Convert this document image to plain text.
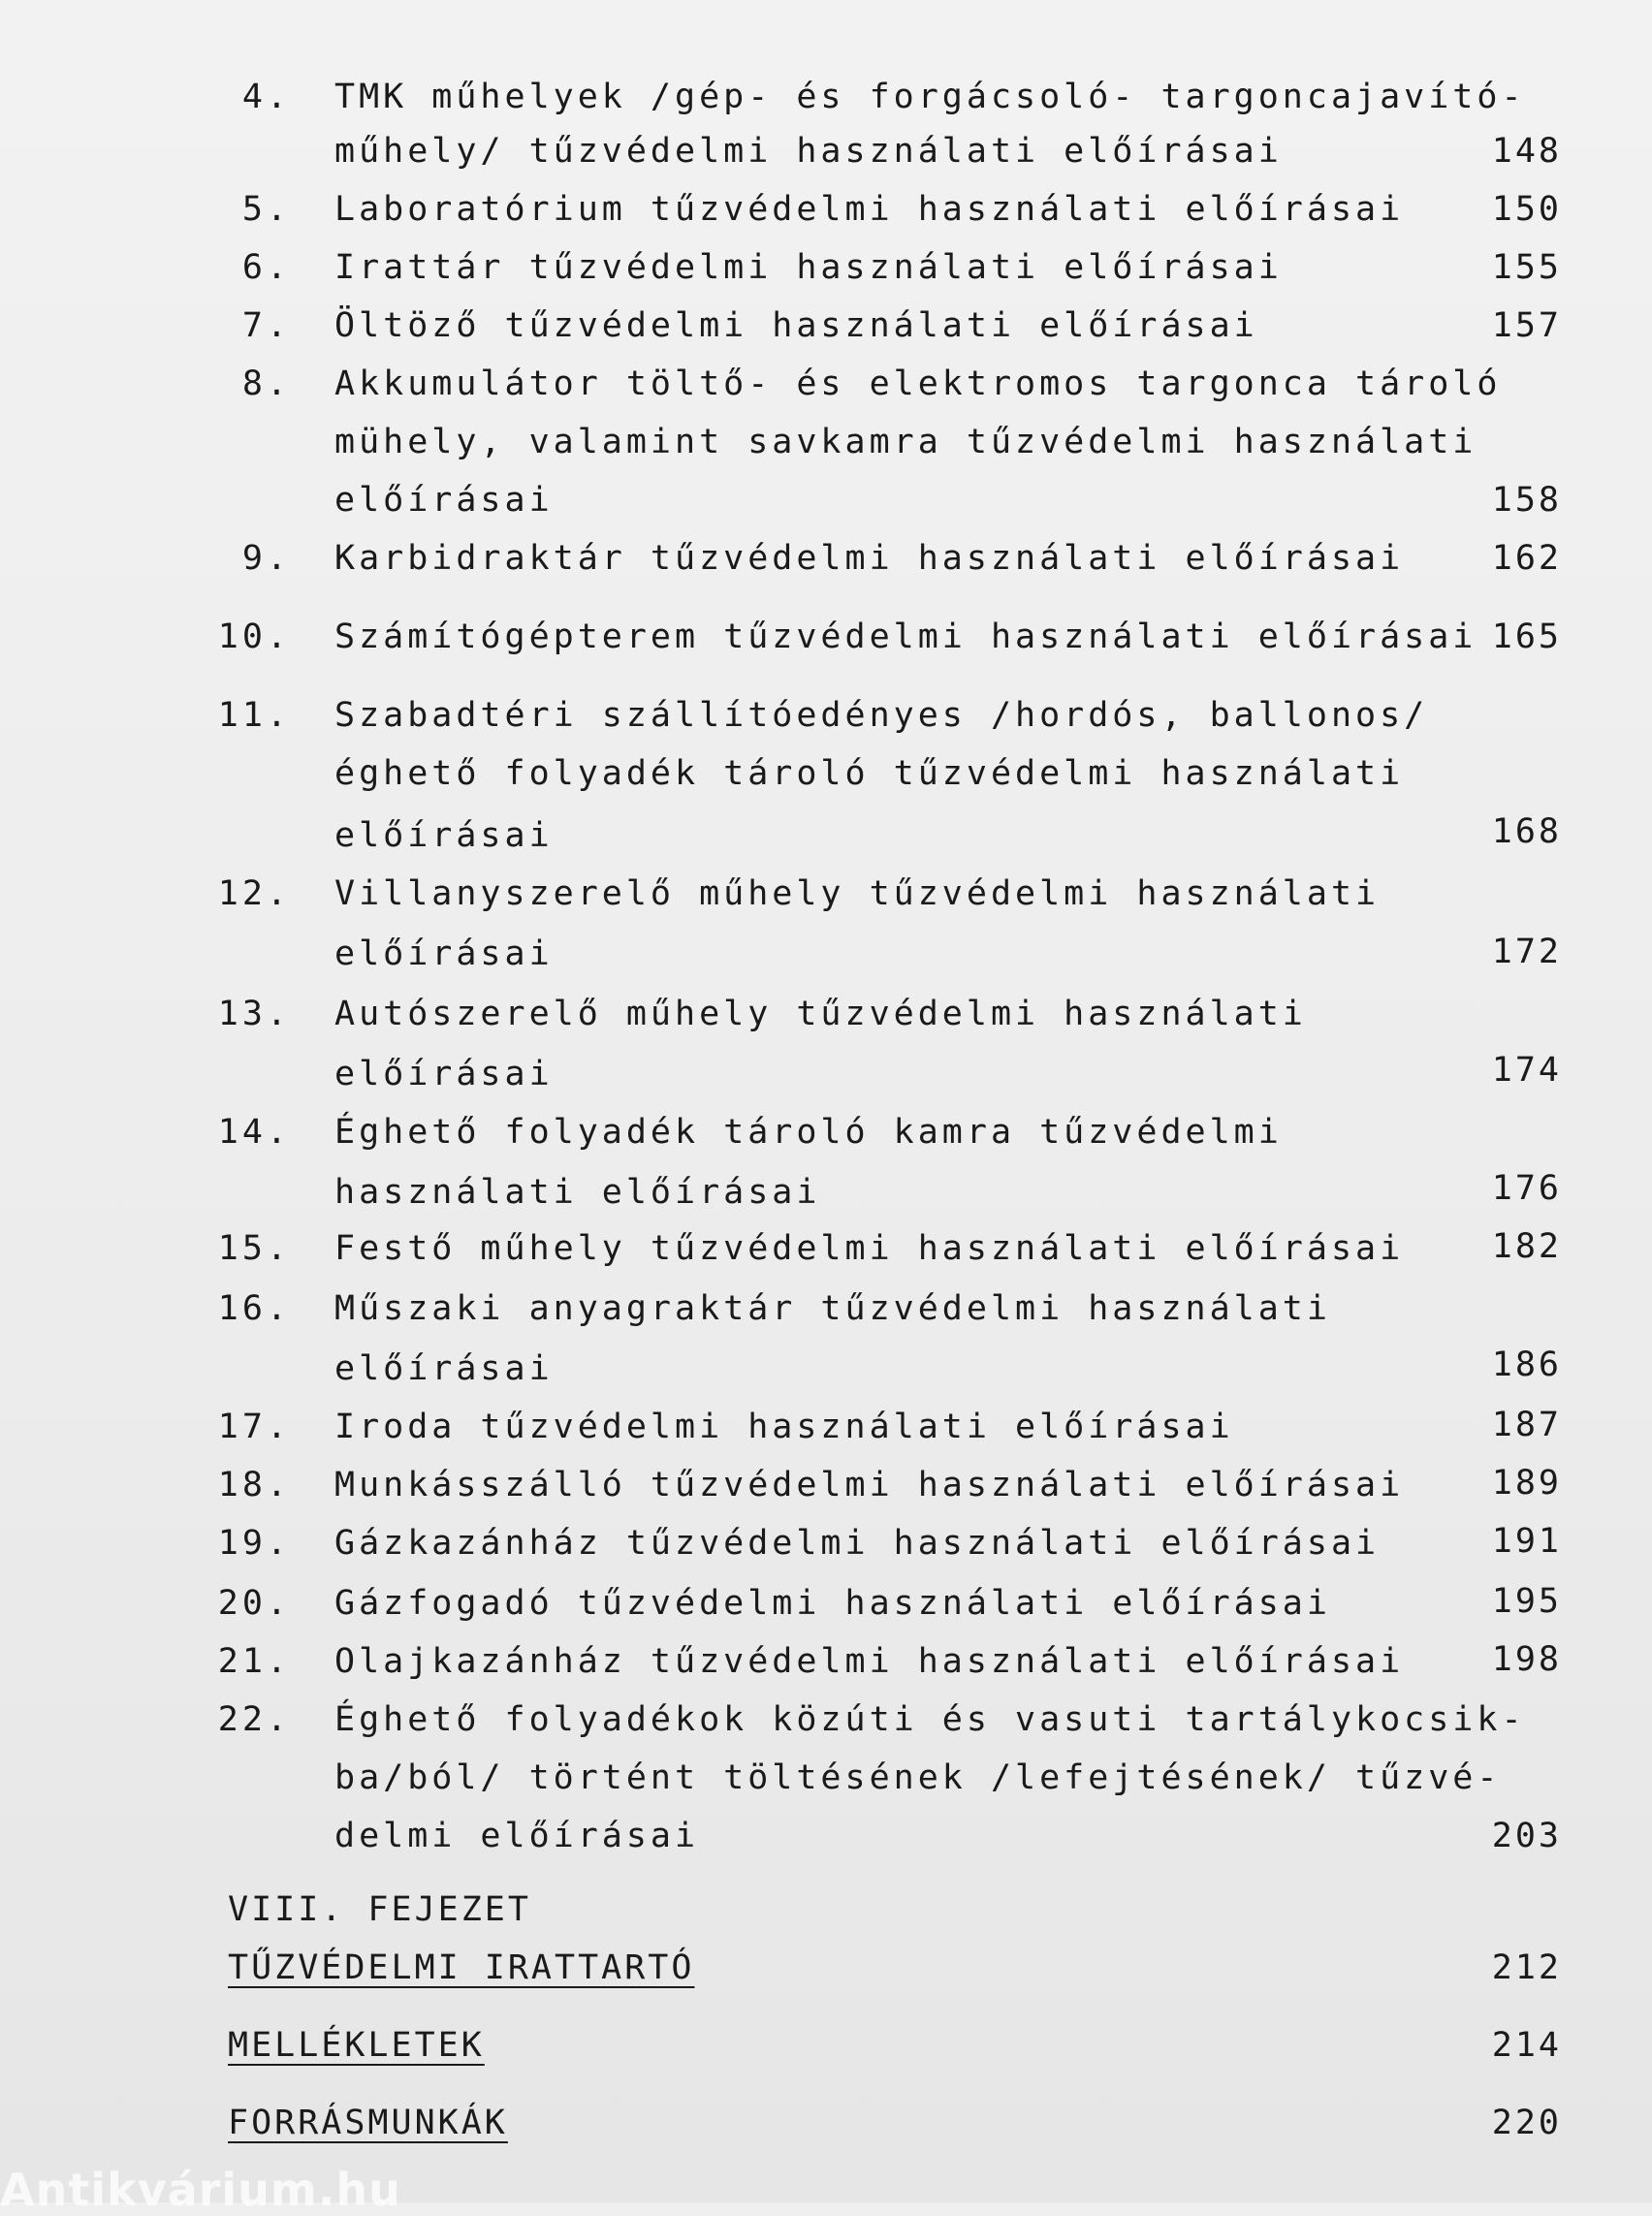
4. TMK műhelyek /gép- és forgácsoló- targoncajavító-
műhely/ tűzvédelmi használati előírásai	148
5. Laboratórium tűzvédelmi használati előírásai	150
6. Irattár tűzvédelmi használati előírásai	155
7. Öltöző tűzvédelmi használati előírásai	157
8. Akkumulátor töltő- és elektromos targonca tároló
mühely, valamint savkamra tűzvédelmi használati
előírásai	158
9. Karbidraktár tűzvédelmi használati előírásai	162
10. Számítógépterem tűzvédelmi használati előírásai 165
11. Szabadtéri szállítóedényes /hordós, ballonos/
éghető folyadék tároló tűzvédelmi használati
előírásai	168
12. Villanyszerelő műhely tűzvédelmi használati
előírásai	172
13. Autószerelő műhely tűzvédelmi használati
előírásai	174
14. Éghető folyadék tároló kamra tűzvédelmi
használati előírásai	176
15. Festő műhely tűzvédelmi használati előírásai	182
16. Műszaki anyagraktár tűzvédelmi használati
előírásai	186
17. Iroda tűzvédelmi használati előírásai	187
18. Munkásszálló tűzvédelmi használati előírásai	189
19. Gázkazánház tűzvédelmi használati előírásai	191
20. Gázfogadó tűzvédelmi használati előírásai	195
21. Olajkazánház tűzvédelmi használati előírásai	198
22. Éghető folyadékok közúti és vasuti tartálykocsik-
ba/ból/ történt töltésének /lefejtésének/ tűzvé-
delmi előírásai	203
VIII. FEJEZET
TŰZVÉDELMI IRATTARTÓ	212
MELLÉKLETEK	214
FORRÁSMUNKÁK	220
Antikvárium.hu
